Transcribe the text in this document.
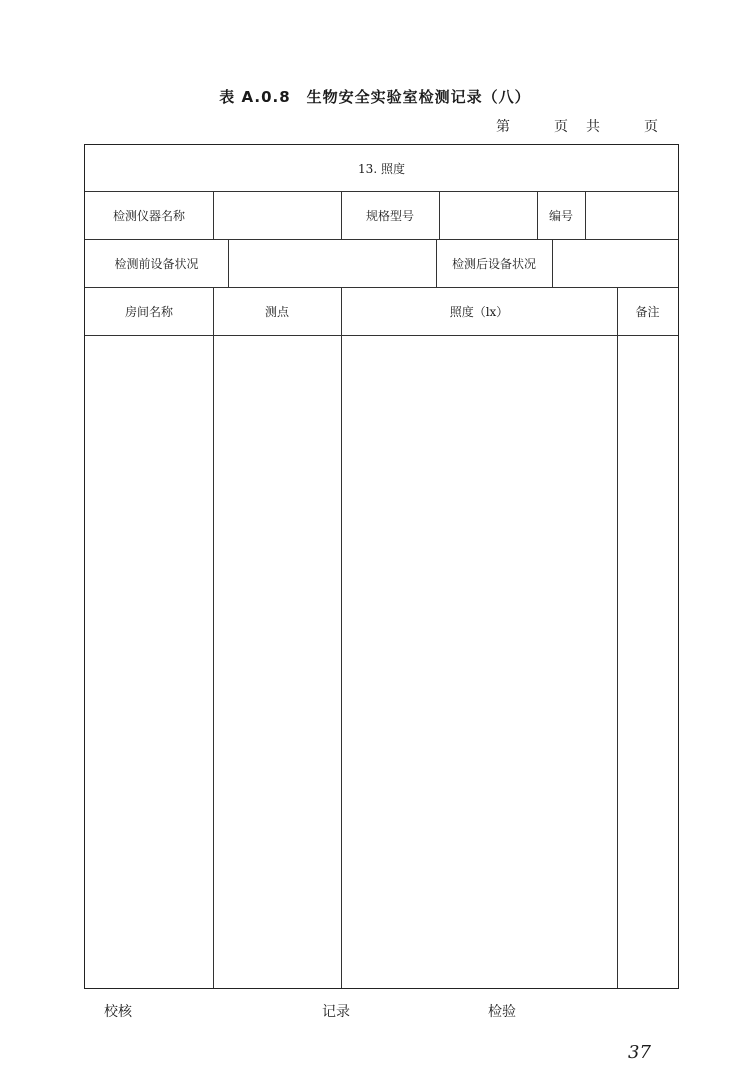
表 A.0.8　生物安全实验室检测记录（八）
第	页 共	页
13. 照度
检测仪器名称	规格型号	编号
检测前设备状况	检测后设备状况
房间名称	测点	照度（lx）	备注
校核	记录	检验
37
